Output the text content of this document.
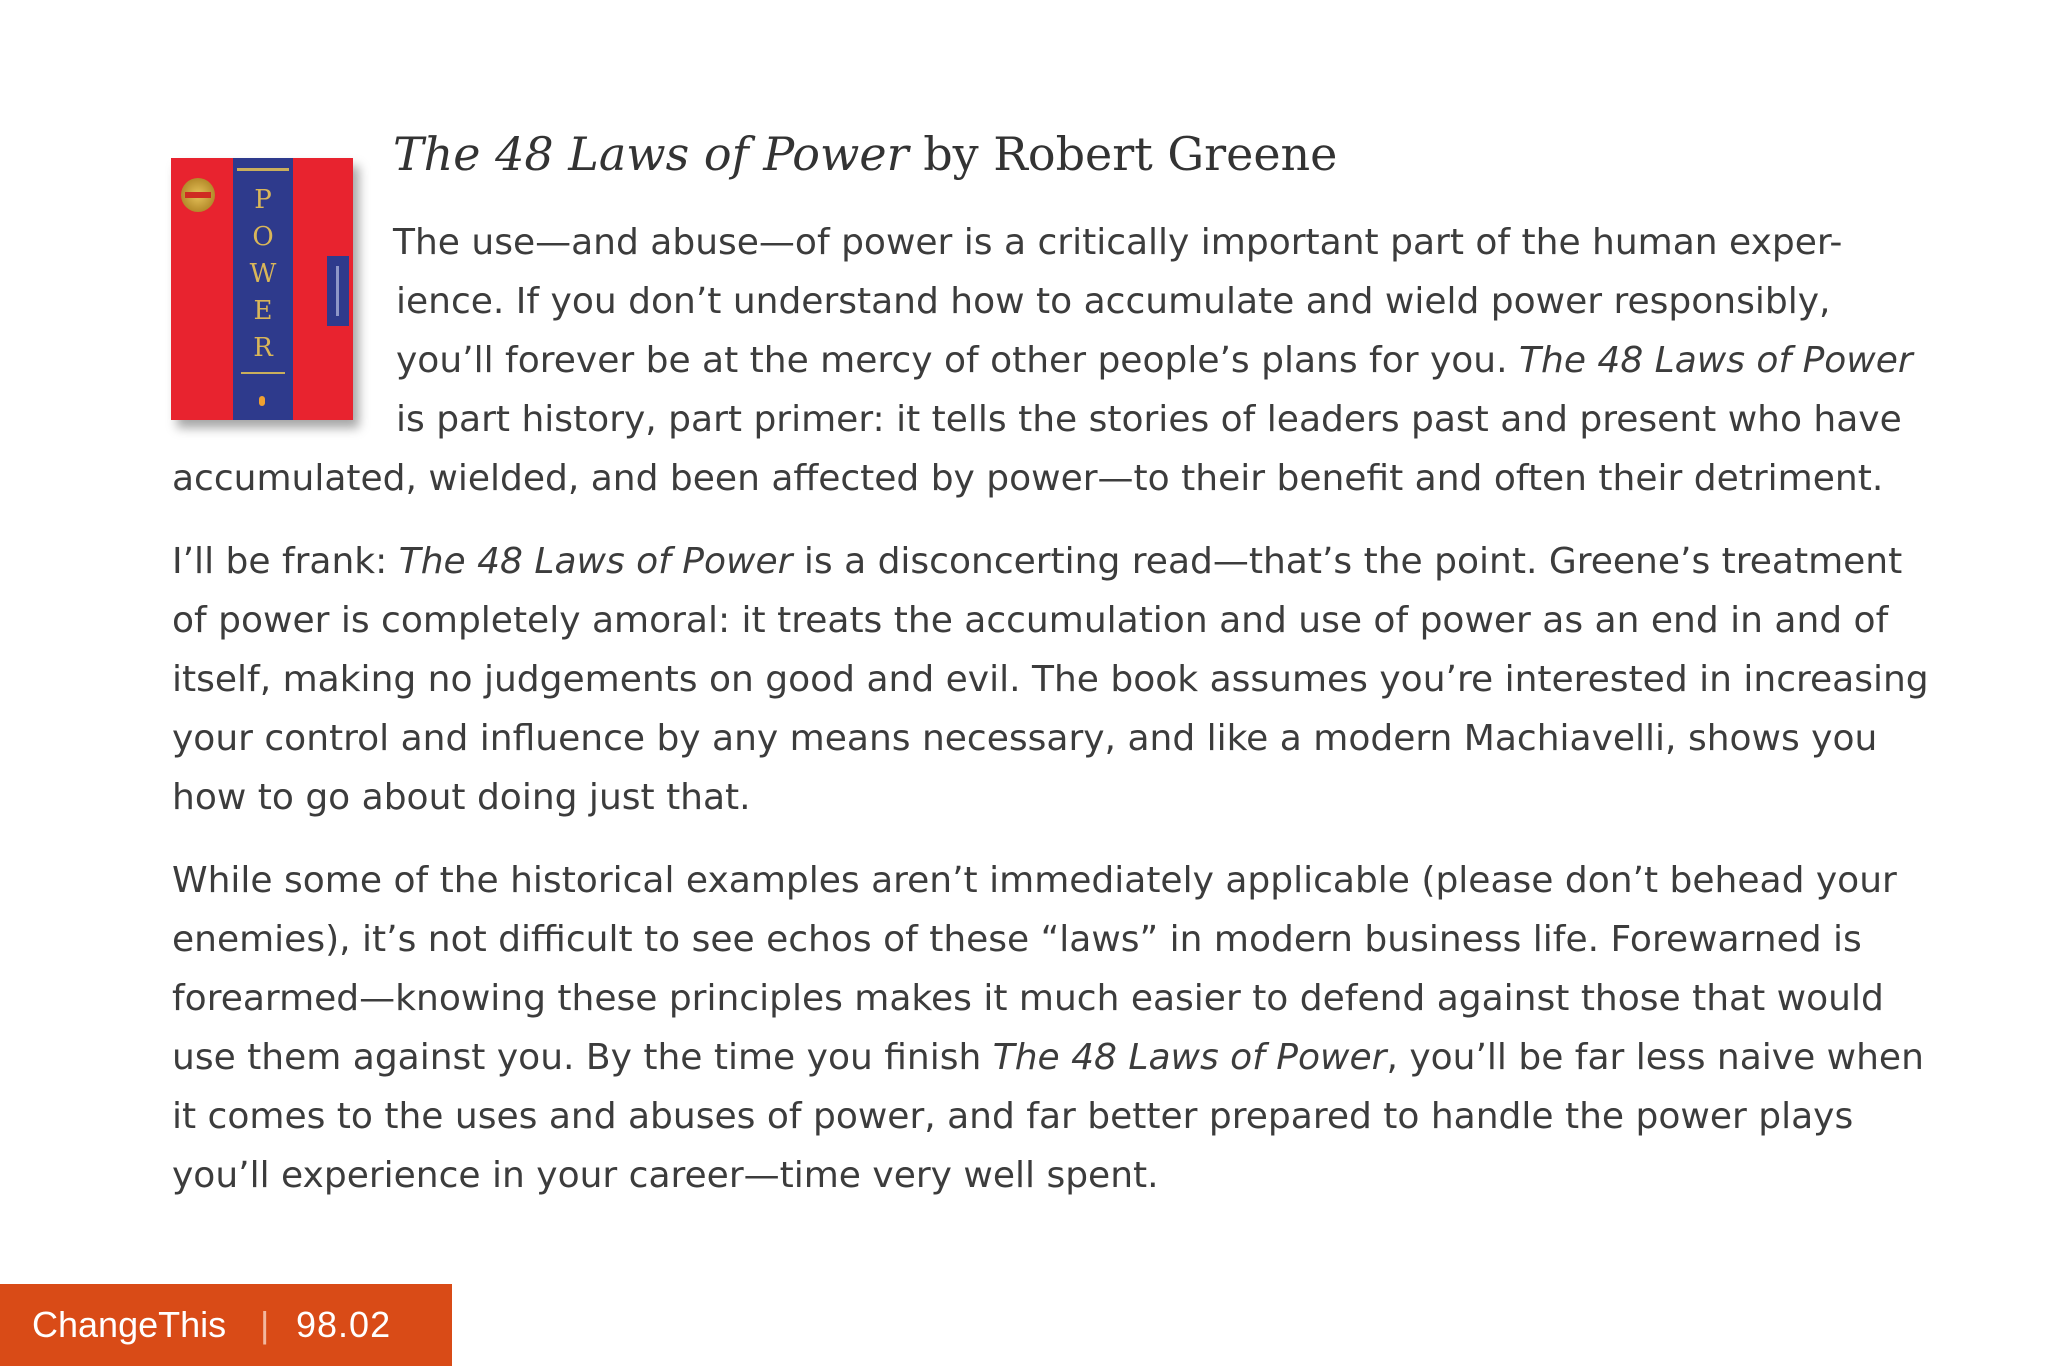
P
O
W
E
R
The 48 Laws of Power by Robert Greene

The use—and abuse—of power is a critically important part of the human exper-
ience. If you don’t understand how to accumulate and wield power responsibly,
you’ll forever be at the mercy of other people’s plans for you. The 48 Laws of Power
is part history, part primer: it tells the stories of leaders past and present who have

accumulated, wielded, and been affected by power—to their benefit and often their detriment.

I’ll be frank: The 48 Laws of Power is a disconcerting read—that’s the point. Greene’s treatment
of power is completely amoral: it treats the accumulation and use of power as an end in and of
itself, making no judgements on good and evil. The book assumes you’re interested in increasing
your control and influence by any means necessary, and like a modern Machiavelli, shows you
how to go about doing just that.

While some of the historical examples aren’t immediately applicable (please don’t behead your
enemies), it’s not difficult to see echos of these “laws” in modern business life. Forewarned is
forearmed—knowing these principles makes it much easier to defend against those that would
use them against you. By the time you finish The 48 Laws of Power, you’ll be far less naive when
it comes to the uses and abuses of power, and far better prepared to handle the power plays
you’ll experience in your career—time very well spent.

ChangeThis | 98.02
